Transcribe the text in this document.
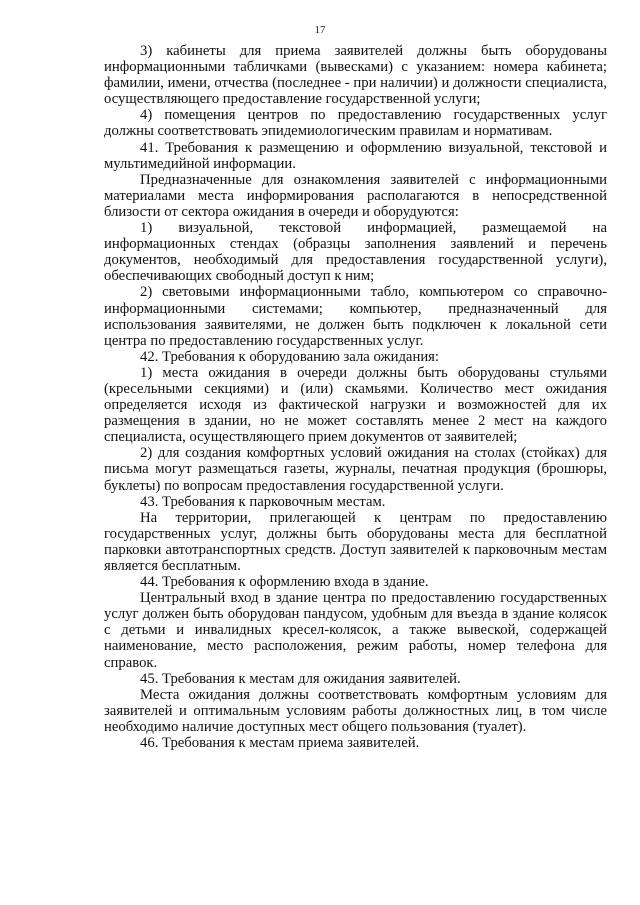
17

3) кабинеты для приема заявителей должны быть оборудованы информационными табличками (вывесками) с указанием: номера кабинета; фамилии, имени, отчества (последнее - при наличии) и должности специалиста, осуществляющего предоставление государственной услуги;

4) помещения центров по предоставлению государственных услуг должны соответствовать эпидемиологическим правилам и нормативам.

41. Требования к размещению и оформлению визуальной, текстовой и мультимедийной информации.

Предназначенные для ознакомления заявителей с информационными материалами места информирования располагаются в непосредственной близости от сектора ожидания в очереди и оборудуются:

1) визуальной, текстовой информацией, размещаемой на информационных стендах (образцы заполнения заявлений и перечень документов, необходимый для предоставления государственной услуги), обеспечивающих свободный доступ к ним;

2) световыми информационными табло, компьютером со справочно-информационными системами; компьютер, предназначенный для использования заявителями, не должен быть подключен к локальной сети центра по предоставлению государственных услуг.

42. Требования к оборудованию зала ожидания:

1) места ожидания в очереди должны быть оборудованы стульями (кресельными секциями) и (или) скамьями. Количество мест ожидания определяется исходя из фактической нагрузки и возможностей для их размещения в здании, но не может составлять менее 2 мест на каждого специалиста, осуществляющего прием документов от заявителей;

2) для создания комфортных условий ожидания на столах (стойках) для письма могут размещаться газеты, журналы, печатная продукция (брошюры, буклеты) по вопросам предоставления государственной услуги.

43. Требования к парковочным местам.

На территории, прилегающей к центрам по предоставлению государственных услуг, должны быть оборудованы места для бесплатной парковки автотранспортных средств. Доступ заявителей к парковочным местам является бесплатным.

44. Требования к оформлению входа в здание.

Центральный вход в здание центра по предоставлению государственных услуг должен быть оборудован пандусом, удобным для въезда в здание колясок с детьми и инвалидных кресел-колясок, а также вывеской, содержащей наименование, место расположения, режим работы, номер телефона для справок.

45. Требования к местам для ожидания заявителей.

Места ожидания должны соответствовать комфортным условиям для заявителей и оптимальным условиям работы должностных лиц, в том числе необходимо наличие доступных мест общего пользования (туалет).

46. Требования к местам приема заявителей.
